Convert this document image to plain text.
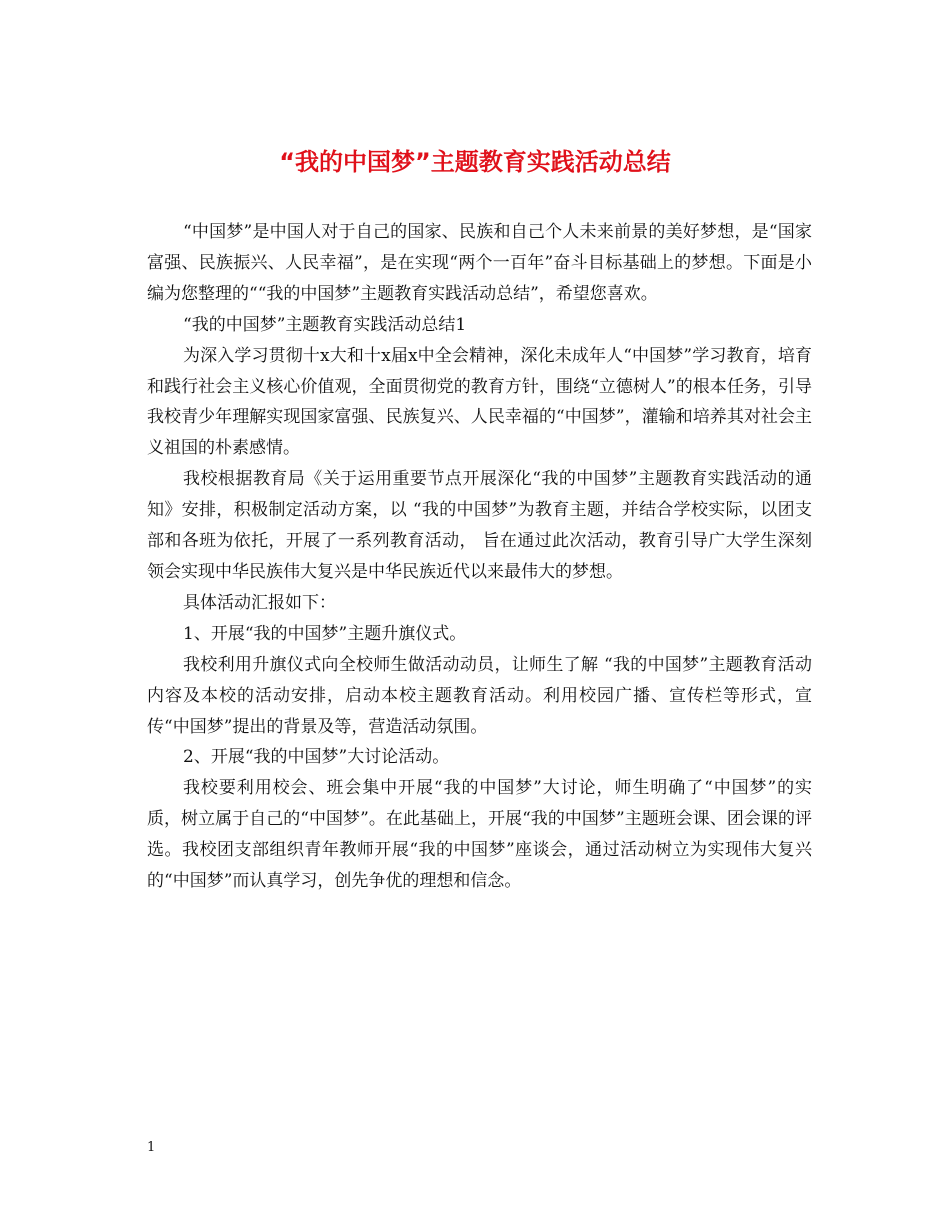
“我的中国梦”主题教育实践活动总结

“中国梦”是中国人对于自己的国家、民族和自己个人未来前景的美好梦想，是“国家富强、民族振兴、人民幸福”，是在实现“两个一百年”奋斗目标基础上的梦想。下面是小编为您整理的““我的中国梦”主题教育实践活动总结”，希望您喜欢。

“我的中国梦”主题教育实践活动总结1

为深入学习贯彻十x大和十x届x中全会精神，深化未成年人“中国梦”学习教育，培育和践行社会主义核心价值观，全面贯彻党的教育方针，围绕“立德树人”的根本任务，引导我校青少年理解实现国家富强、民族复兴、人民幸福的“中国梦”，灌输和培养其对社会主义祖国的朴素感情。

我校根据教育局《关于运用重要节点开展深化“我的中国梦”主题教育实践活动的通知》安排，积极制定活动方案，以 “我的中国梦”为教育主题，并结合学校实际，以团支部和各班为依托，开展了一系列教育活动， 旨在通过此次活动，教育引导广大学生深刻领会实现中华民族伟大复兴是中华民族近代以来最伟大的梦想。

具体活动汇报如下：

1、开展“我的中国梦”主题升旗仪式。

我校利用升旗仪式向全校师生做活动动员，让师生了解 “我的中国梦”主题教育活动内容及本校的活动安排，启动本校主题教育活动。利用校园广播、宣传栏等形式，宣传“中国梦”提出的背景及等，营造活动氛围。

2、开展“我的中国梦”大讨论活动。

我校要利用校会、班会集中开展“我的中国梦”大讨论，师生明确了“中国梦”的实质，树立属于自己的“中国梦”。在此基础上，开展“我的中国梦”主题班会课、团会课的评选。我校团支部组织青年教师开展“我的中国梦”座谈会，通过活动树立为实现伟大复兴的“中国梦”而认真学习，创先争优的理想和信念。

1
